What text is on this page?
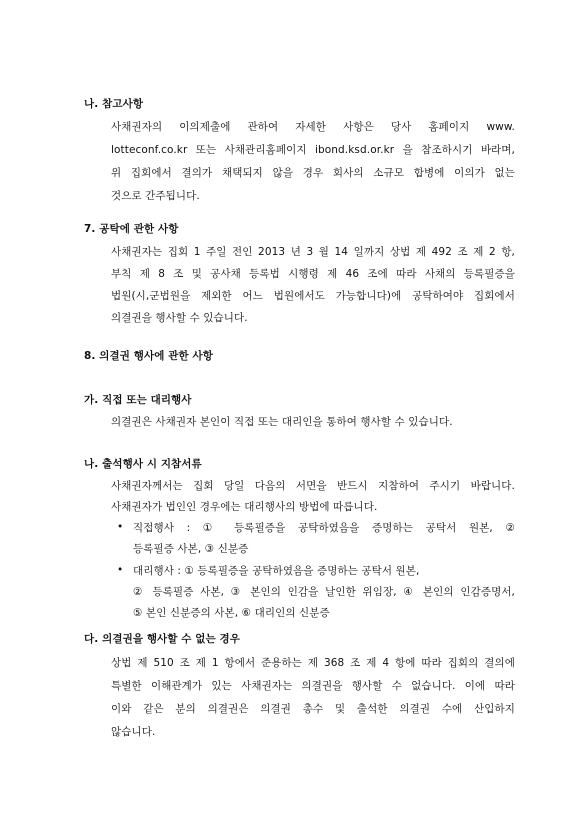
나. 참고사항
사채권자의 이의제출에 관하여 자세한 사항은 당사 홈페이지 www.
lotteconf.co.kr 또는 사채관리홈페이지 ibond.ksd.or.kr 을 참조하시기 바라며,
위 집회에서 결의가 채택되지 않을 경우 회사의 소규모 합병에 이의가 없는
것으로 간주됩니다.
7. 공탁에 관한 사항
사채권자는 집회 1 주일 전인 2013 년 3 월 14 일까지 상법 제 492 조 제 2 항,
부칙 제 8 조 및 공사채 등록법 시행령 제 46 조에 따라 사채의 등록필증을
법원(시,군법원을 제외한 어느 법원에서도 가능합니다)에 공탁하여야 집회에서
의결권을 행사할 수 있습니다.
8. 의결권 행사에 관한 사항
가. 직접 또는 대리행사
의결권은 사채권자 본인이 직접 또는 대리인을 통하여 행사할 수 있습니다.
나. 출석행사 시 지참서류
사채권자께서는 집회 당일 다음의 서면을 반드시 지참하여 주시기 바랍니다.
사채권자가 법인인 경우에는 대리행사의 방법에 따릅니다.
• 직접행사 : ① 등록필증을 공탁하였음을 증명하는 공탁서 원본, ②
등록필증 사본, ③ 신분증
• 대리행사 : ① 등록필증을 공탁하였음을 증명하는 공탁서 원본,
② 등록필증 사본, ③ 본인의 인감을 날인한 위임장, ④ 본인의 인감증명서,
⑤ 본인 신분증의 사본, ⑥ 대리인의 신분증
다. 의결권을 행사할 수 없는 경우
상법 제 510 조 제 1 항에서 준용하는 제 368 조 제 4 항에 따라 집회의 결의에
특별한 이해관계가 있는 사채권자는 의결권을 행사할 수 없습니다. 이에 따라
이와 같은 분의 의결권은 의결권 총수 및 출석한 의결권 수에 산입하지
않습니다.
